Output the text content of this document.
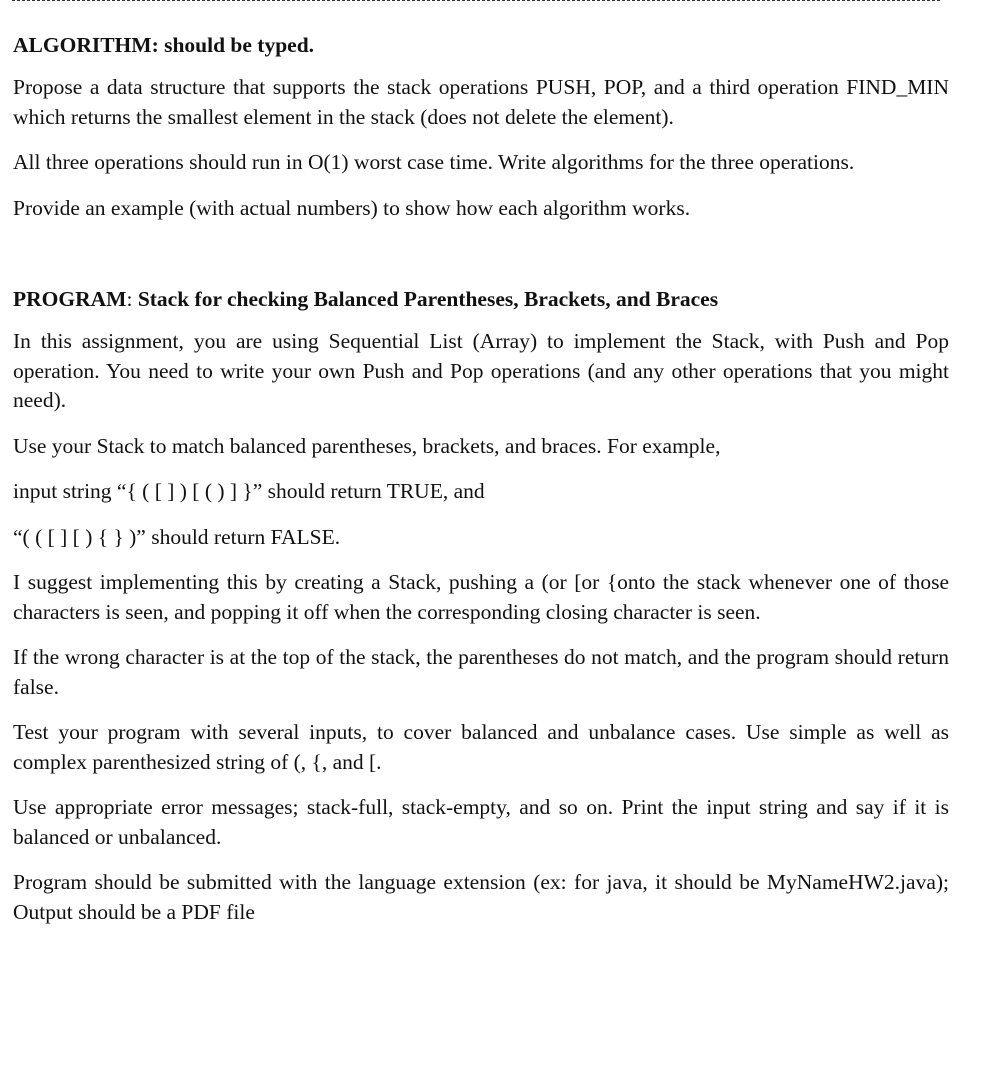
ALGORITHM: should be typed.

Propose a data structure that supports the stack operations PUSH, POP, and a third operation FIND_MIN which returns the smallest element in the stack (does not delete the element).

All three operations should run in O(1) worst case time. Write algorithms for the three operations.

Provide an example (with actual numbers) to show how each algorithm works.

PROGRAM: Stack for checking Balanced Parentheses, Brackets, and Braces

In this assignment, you are using Sequential List (Array) to implement the Stack, with Push and Pop operation. You need to write your own Push and Pop operations (and any other operations that you might need).

Use your Stack to match balanced parentheses, brackets, and braces. For example,

input string “{ ( [ ] ) [ ( ) ] }” should return TRUE, and

“( ( [ ] [ ) { } )” should return FALSE.

I suggest implementing this by creating a Stack, pushing a (or [or {onto the stack whenever one of those characters is seen, and popping it off when the corresponding closing character is seen.

If the wrong character is at the top of the stack, the parentheses do not match, and the program should return false.

Test your program with several inputs, to cover balanced and unbalance cases. Use simple as well as complex parenthesized string of (, {, and [.

Use appropriate error messages; stack-full, stack-empty, and so on. Print the input string and say if it is balanced or unbalanced.

Program should be submitted with the language extension (ex: for java, it should be MyNameHW2.java); Output should be a PDF file
